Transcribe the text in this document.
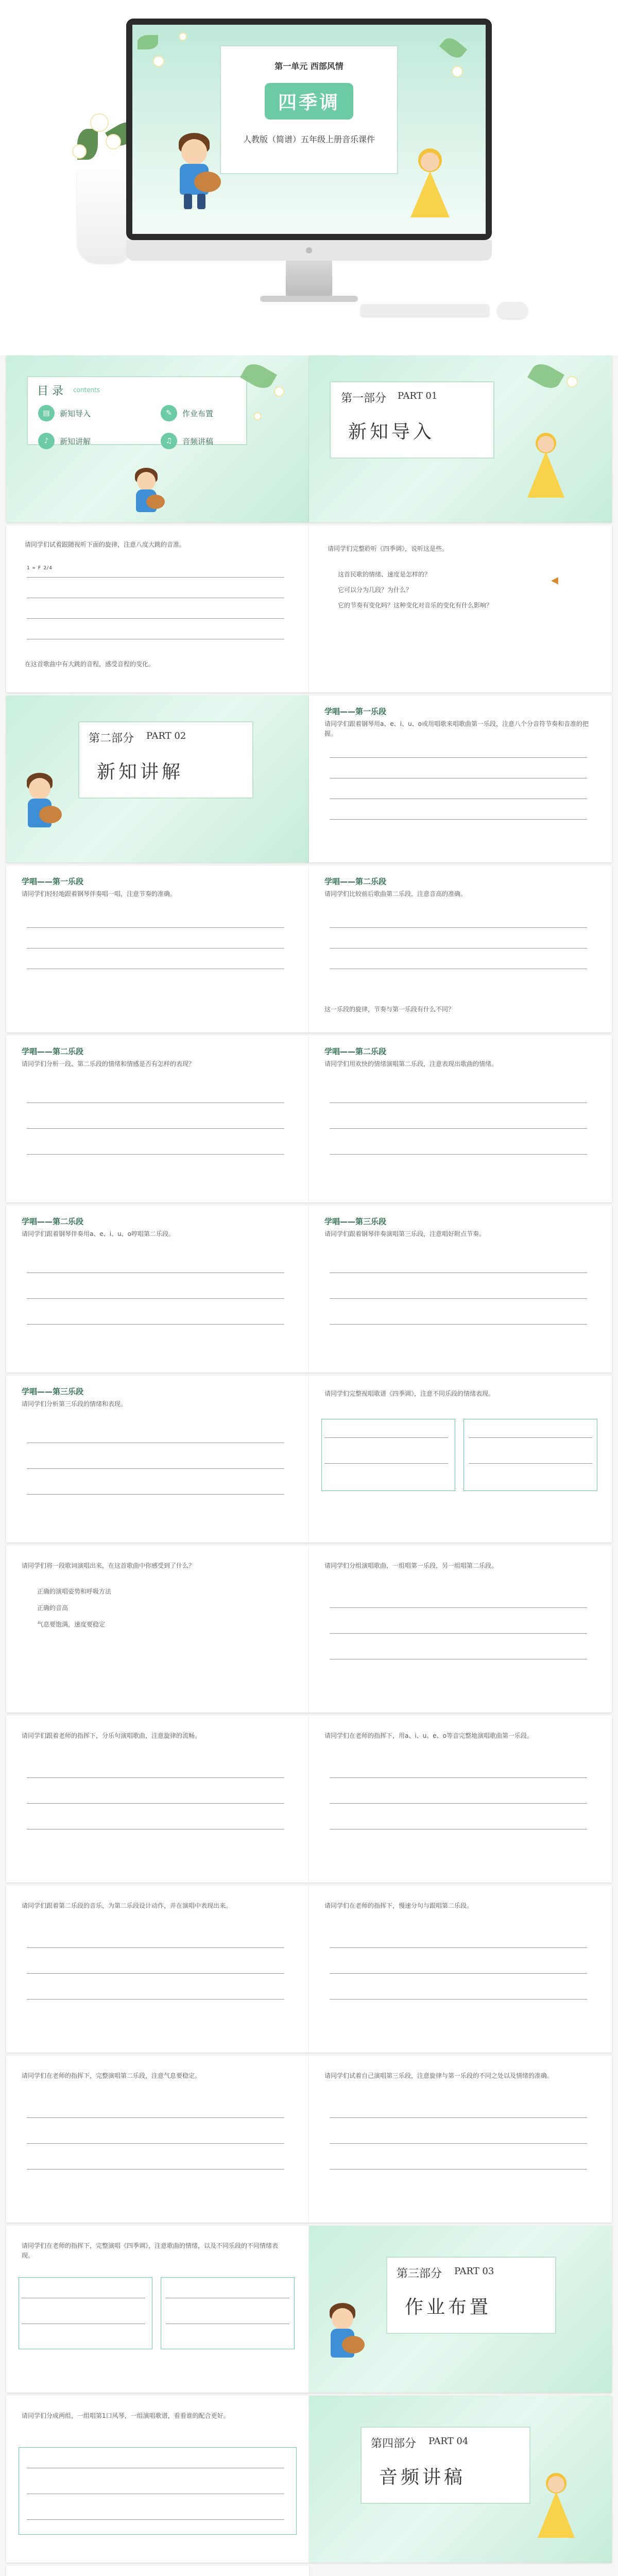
第一单元 西部风情
四季调
人教版（简谱）五年级上册音乐课件
目 录 contents
▤	新知导入	✎	作业布置
♪	新知讲解	♫	音频讲稿
第一部分 PART 01
新知导入
请同学们试着跟随视听下面的旋律，注意八度大跳的音准。
1 = F 2/4
在这首歌曲中有大跳的音程，感受音程的变化。
请同学们完整聆听《四季调》，说听这是些。
这首民歌的情绪、速度是怎样的？
它可以分为几段？为什么？
它的节奏有变化吗？这种变化对音乐的变化有什么影响？
◀
第二部分 PART 02
新知讲解
学唱——第一乐段
请同学们跟着钢琴用a、e、i、u、o或用唱歌来唱歌曲第一乐段，注意八个分音符节奏和音准的把握。
学唱——第一乐段
请同学们轻轻地跟着钢琴伴奏唱一唱，注意节奏的准确。
学唱——第二乐段
请同学们比较前后歌曲第二乐段，注意音高的准确。
这一乐段的旋律，节奏与第一乐段有什么不同？
学唱——第二乐段
请同学们分析一段、第二乐段的情绪和情感是否有怎样的表现？
学唱——第二乐段
请同学们用欢快的情绪演唱第二乐段，注意表现出歌曲的情绪。
学唱——第二乐段
请同学们跟着钢琴伴奏用a、e、i、u、o哼唱第二乐段。
学唱——第三乐段
请同学们跟着钢琴伴奏演唱第三乐段，注意唱好附点节奏。
学唱——第三乐段
请同学们分析第三乐段的情绪和表现。
请同学们完整视唱歌谱《四季调》，注意不同乐段的情绪表现。
请同学们将一段歌词演唱出来，在这首歌曲中你感受到了什么？
正确的演唱姿势和呼吸方法
正确的音高
气息要饱满，速度要稳定
请同学们分组演唱歌曲，一组唱第一乐段，另一组唱第二乐段。
请同学们跟着老师的指挥下，分乐句演唱歌曲，注意旋律的流畅。	请同学们在老师的指挥下，用a、i、u、e、o等音完整地演唱歌曲第一乐段。
请同学们跟着第二乐段的音乐，为第二乐段设计动作，并在演唱中表现出来。	请同学们在老师的指挥下，慢速分句与跟唱第二乐段。
请同学们在老师的指挥下，完整演唱第二乐段，注意气息要稳定。	请同学们试着自己演唱第三乐段，注意旋律与第一乐段的不同之处以及情绪的准确。
请同学们在老师的指挥下，完整演唱《四季调》，注意歌曲的情绪，以及不同乐段的不同情绪表现。
第三部分 PART 03
作业布置
请同学们分成两组，一组唱第1口风琴，一组演唱歌谱，看看谁的配合更好。
第四部分 PART 04
音频讲稿
